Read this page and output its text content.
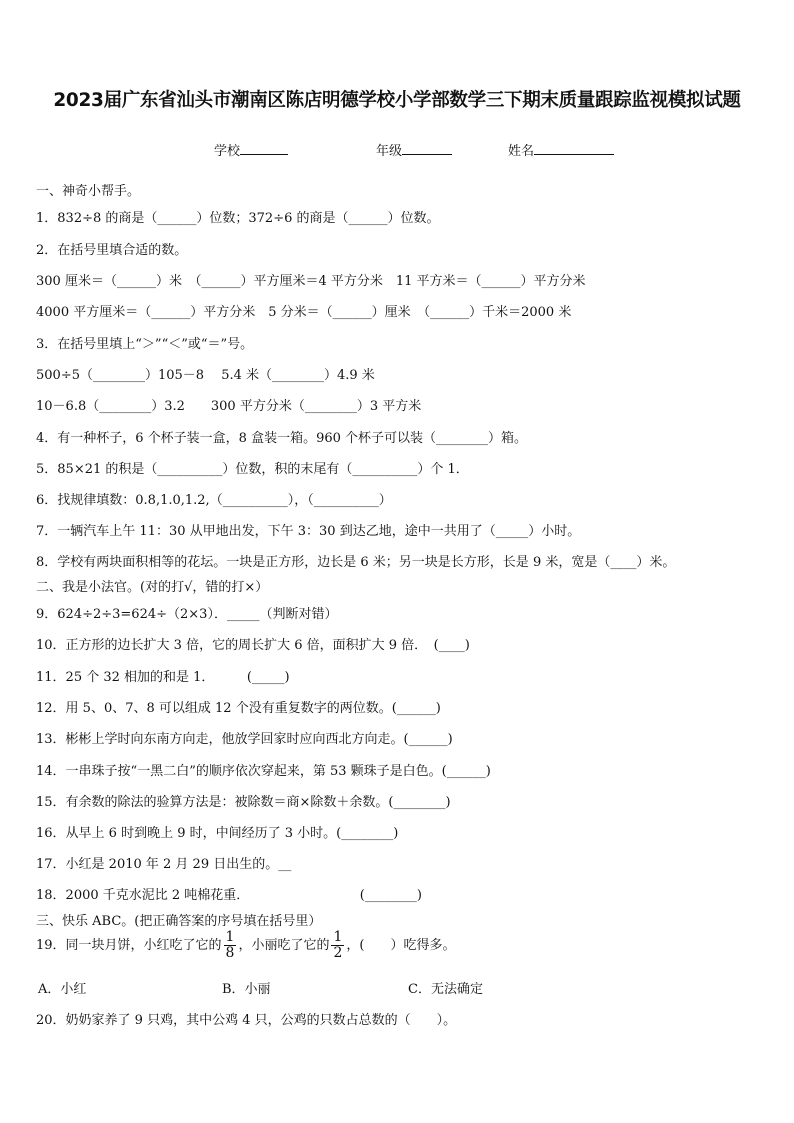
2023届广东省汕头市潮南区陈店明德学校小学部数学三下期末质量跟踪监视模拟试题
学校	年级	姓名
一、神奇小帮手。
1．832÷8 的商是（______）位数；372÷6 的商是（______）位数。
2．在括号里填合适的数。
300 厘米＝（______）米　（______）平方厘米＝4 平方分米　11 平方米＝（______）平方分米
4000 平方厘米＝（______）平方分米　5 分米＝（______）厘米　（______）千米＝2000 米
3．在括号里填上“＞”“＜”或“＝”号。
500÷5（________）105－8　 5.4 米（________）4.9 米
10－6.8（________）3.2　　300 平方分米（________）3 平方米
4．有一种杯子，6 个杯子装一盒，8 盒装一箱。960 个杯子可以装（________）箱。
5．85×21 的积是（__________）位数，积的末尾有（__________）个 1．
6．找规律填数：0.8,1.0,1.2,（__________），（__________）
7．一辆汽车上午 11：30 从甲地出发，下午 3：30 到达乙地，途中一共用了（_____）小时。
8．学校有两块面积相等的花坛。一块是正方形，边长是 6 米；另一块是长方形，长是 9 米，宽是（____）米。
二、我是小法官。(对的打√，错的打×）
9．624÷2÷3=624÷（2×3）．_____（判断对错）
10．正方形的边长扩大 3 倍，它的周长扩大 6 倍，面积扩大 9 倍．　(____)
11．25 个 32 相加的和是 1．　　　(_____)
12．用 5、0、7、8 可以组成 12 个没有重复数字的两位数。(______)
13．彬彬上学时向东南方向走，他放学回家时应向西北方向走。(______)
14．一串珠子按“一黑二白”的顺序依次穿起来，第 53 颗珠子是白色。(______)
15．有余数的除法的验算方法是：被除数＝商×除数＋余数。(________)
16．从早上 6 时到晚上 9 时，中间经历了 3 小时。(________)
17．小红是 2010 年 2 月 29 日出生的。__
18．2000 千克水泥比 2 吨棉花重．　　　　　　　　　(________)
三、快乐 ABC。(把正确答案的序号填在括号里）
19．同一块月饼，小红吃了它的 $\frac{1}{8}$ ，小丽吃了它的 $\frac{1}{2}$ ，(　　）吃得多。
A．小红	B．小丽	C．无法确定
20．奶奶家养了 9 只鸡，其中公鸡 4 只，公鸡的只数占总数的（　　）。
